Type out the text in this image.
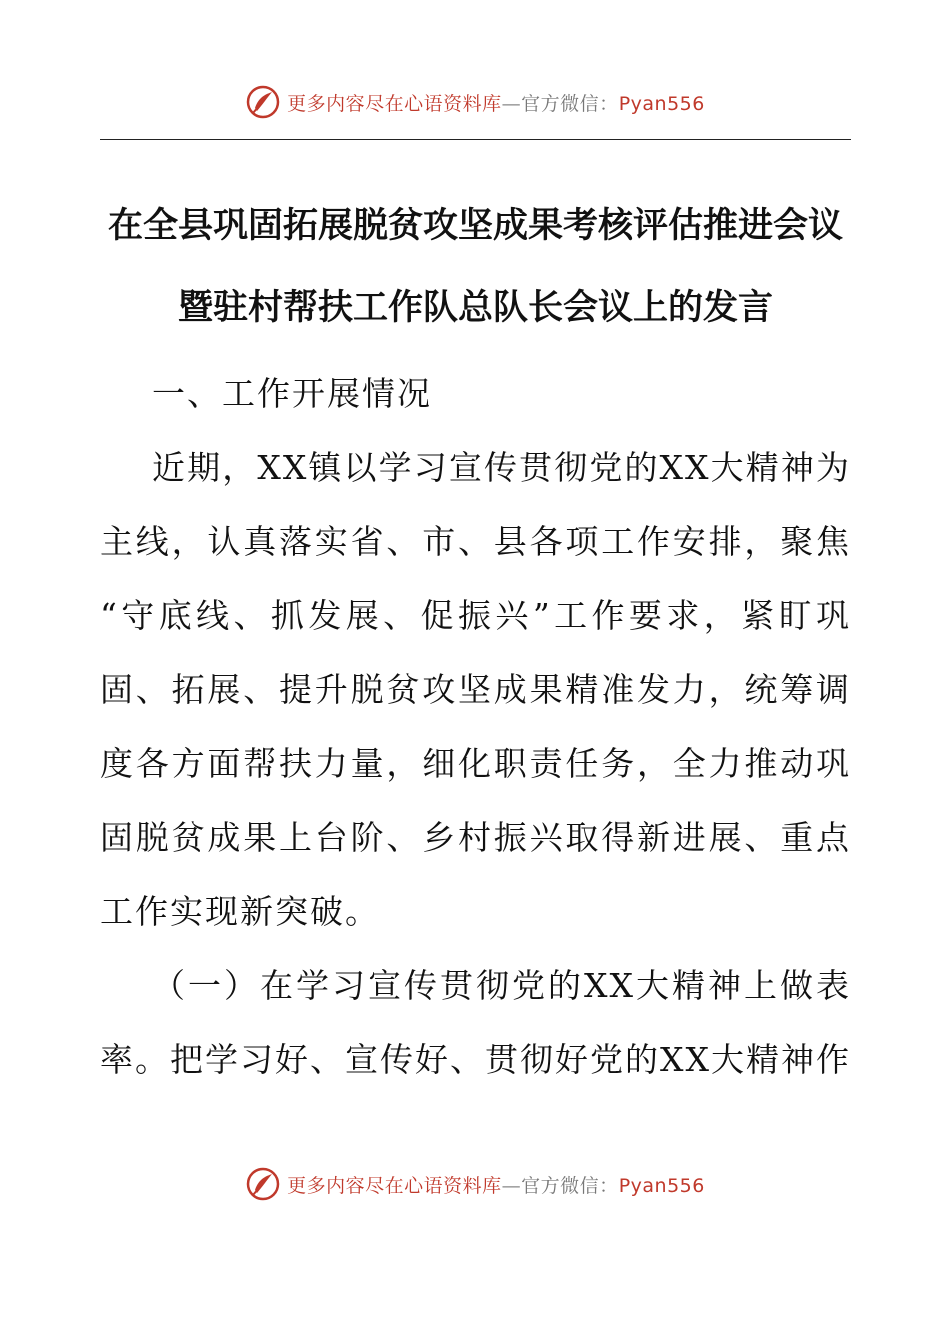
更多内容尽在心语资料库—官方微信：Pyan556
在全县巩固拓展脱贫攻坚成果考核评估推进会议
暨驻村帮扶工作队总队长会议上的发言
一、工作开展情况
近期，XX镇以学习宣传贯彻党的XX大精神为
主线，认真落实省、市、县各项工作安排，聚焦
“守底线、抓发展、促振兴”工作要求，紧盯巩
固、拓展、提升脱贫攻坚成果精准发力，统筹调
度各方面帮扶力量，细化职责任务，全力推动巩
固脱贫成果上台阶、乡村振兴取得新进展、重点
工作实现新突破。
（一）在学习宣传贯彻党的XX大精神上做表
率。把学习好、宣传好、贯彻好党的XX大精神作
更多内容尽在心语资料库—官方微信：Pyan556
